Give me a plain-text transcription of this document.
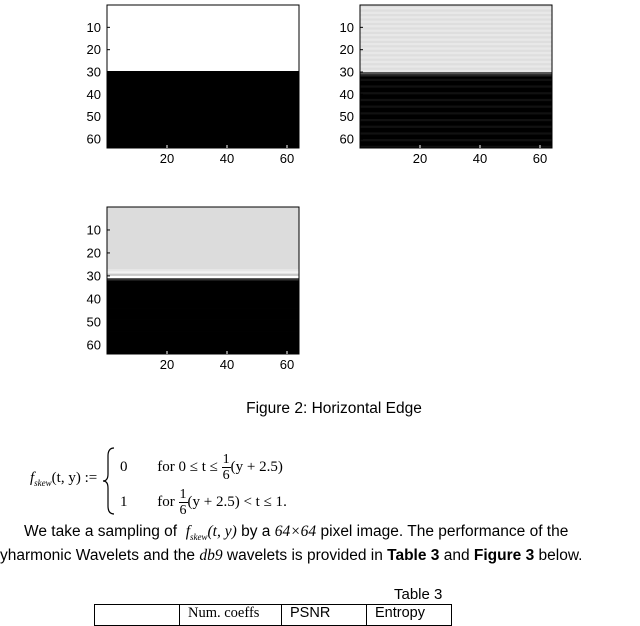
10
20
30
40
50
60
20	40	60
10
20
30
40
50
60
20	40	60
10
20
30
40
50
60
20	40	60
Figure 2: Horizontal Edge
$f_{skew}(t$, y) :=
0 for $0 \le t \le \frac{1}{6} (y + 2.5)$
1 for $\frac{1}{6} (y + 2.5) < t \le 1$.
We take a sampling of $f_{skew}(t$, y) by a 64×64 pixel image. The performance of the
yharmonic Wavelets and the db9 wavelets is provided in Table 3 and Figure 3 below.
Table 3
	Num. coeffs	PSNR	Entropy
